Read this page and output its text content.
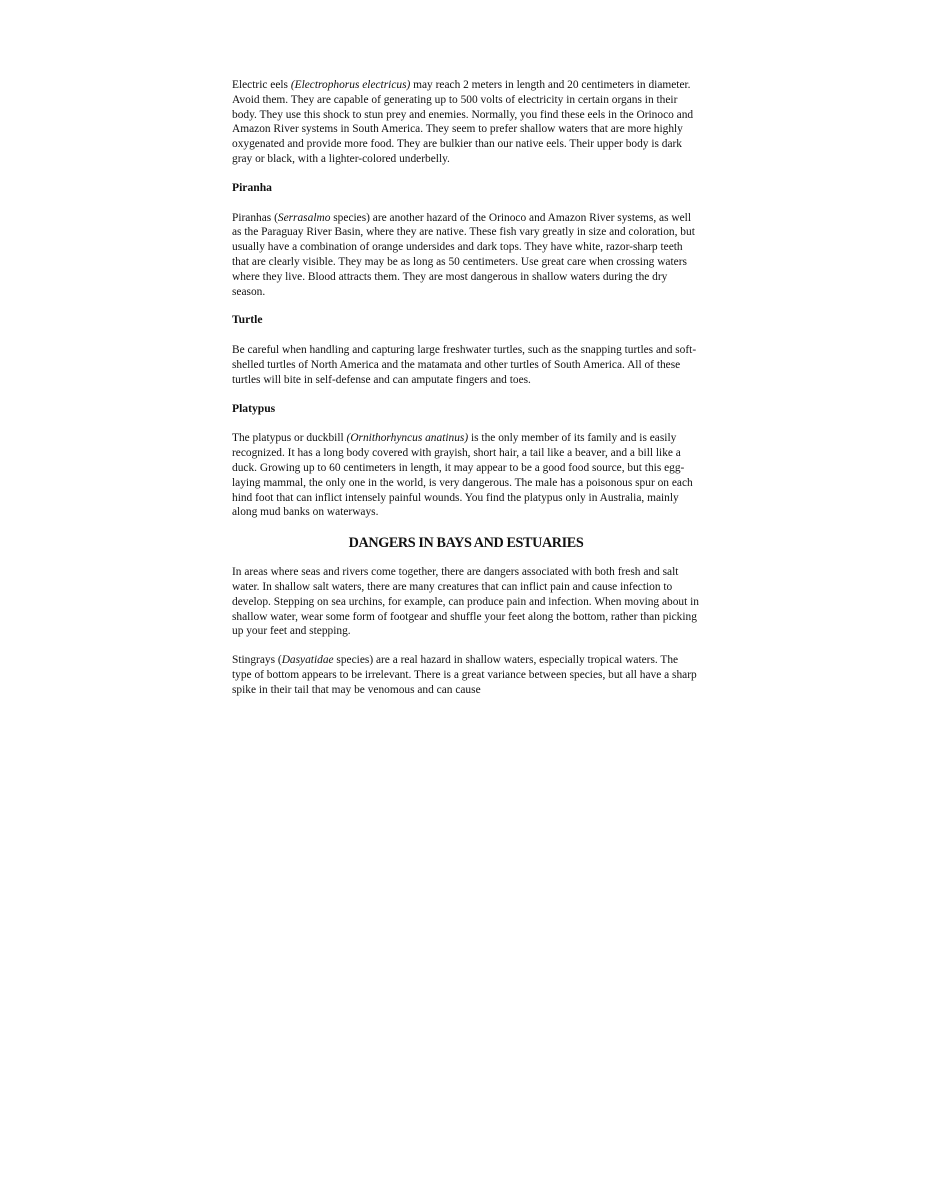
Electric eels (Electrophorus electricus) may reach 2 meters in length and 20 centimeters in diameter. Avoid them. They are capable of generating up to 500 volts of electricity in certain organs in their body. They use this shock to stun prey and enemies. Normally, you find these eels in the Orinoco and Amazon River systems in South America. They seem to prefer shallow waters that are more highly oxygenated and provide more food. They are bulkier than our native eels. Their upper body is dark gray or black, with a lighter-colored underbelly.

Piranha

Piranhas (Serrasalmo species) are another hazard of the Orinoco and Amazon River systems, as well as the Paraguay River Basin, where they are native. These fish vary greatly in size and coloration, but usually have a combination of orange undersides and dark tops. They have white, razor-sharp teeth that are clearly visible. They may be as long as 50 centimeters. Use great care when crossing waters where they live. Blood attracts them. They are most dangerous in shallow waters during the dry season.

Turtle

Be careful when handling and capturing large freshwater turtles, such as the snapping turtles and soft-shelled turtles of North America and the matamata and other turtles of South America. All of these turtles will bite in self-defense and can amputate fingers and toes.

Platypus

The platypus or duckbill (Ornithorhyncus anatinus) is the only member of its family and is easily recognized. It has a long body covered with grayish, short hair, a tail like a beaver, and a bill like a duck. Growing up to 60 centimeters in length, it may appear to be a good food source, but this egg-laying mammal, the only one in the world, is very dangerous. The male has a poisonous spur on each hind foot that can inflict intensely painful wounds. You find the platypus only in Australia, mainly along mud banks on waterways.

DANGERS IN BAYS AND ESTUARIES

In areas where seas and rivers come together, there are dangers associated with both fresh and salt water. In shallow salt waters, there are many creatures that can inflict pain and cause infection to develop. Stepping on sea urchins, for example, can produce pain and infection. When moving about in shallow water, wear some form of footgear and shuffle your feet along the bottom, rather than picking up your feet and stepping.

Stingrays (Dasyatidae species) are a real hazard in shallow waters, especially tropical waters. The type of bottom appears to be irrelevant. There is a great variance between species, but all have a sharp spike in their tail that may be venomous and can cause
